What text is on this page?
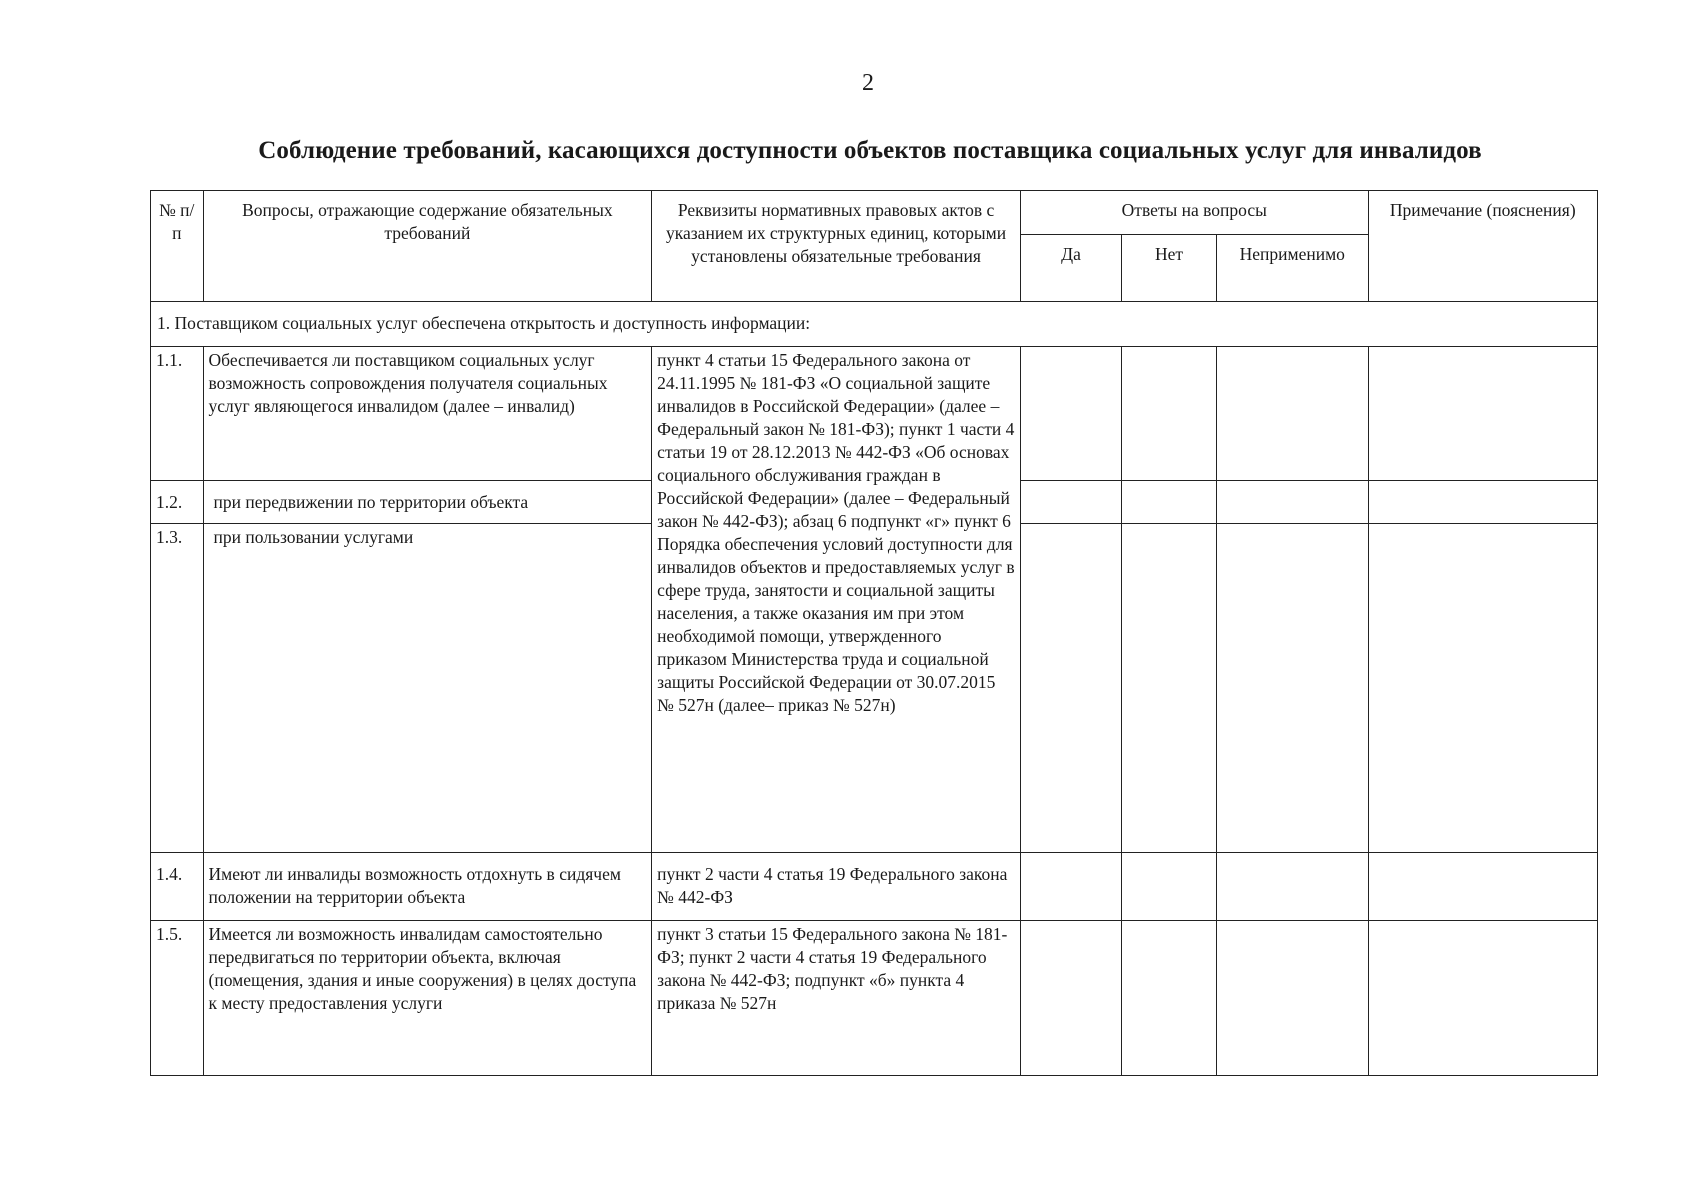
2
Соблюдение требований, касающихся доступности объектов поставщика социальных услуг для инвалидов
№ п/п	Вопросы, отражающие содержание обязательных требований	Реквизиты нормативных правовых актов с указанием их структурных единиц, которыми установлены обязательные требования	Ответы на вопросы			Примечание (пояснения)
			Да	Нет	Неприменимо	
1. Поставщиком социальных услуг обеспечена открытость и доступность информации:						
1.1.	Обеспечивается ли поставщиком социальных услуг возможность сопровождения получателя социальных услуг являющегося инвалидом (далее – инвалид)	пункт 4 статьи 15 Федерального закона от 24.11.1995 № 181-ФЗ «О социальной защите инвалидов в Российской Федерации» (далее – Федеральный закон № 181-ФЗ); пункт 1 части 4 статьи 19 от 28.12.2013 № 442-ФЗ «Об основах социального обслуживания граждан в Российской Федерации» (далее – Федеральный закон № 442-ФЗ); абзац 6 подпункт «г» пункт 6 Порядка обеспечения условий доступности для инвалидов объектов и предоставляемых услуг в сфере труда, занятости и социальной защиты населения, а также оказания им при этом необходимой помощи, утвержденного приказом Министерства труда и социальной защиты Российской Федерации от 30.07.2015 № 527н (далее– приказ № 527н)				
1.2.	при передвижении по территории объекта					
1.3.	при пользовании услугами					
1.4.	Имеют ли инвалиды возможность отдохнуть в сидячем положении на территории объекта	пункт 2 части 4 статья 19 Федерального закона № 442-ФЗ				
1.5.	Имеется ли возможность инвалидам самостоятельно передвигаться по территории объекта, включая (помещения, здания и иные сооружения) в целях доступа к месту предоставления услуги	пункт 3 статьи 15 Федерального закона № 181-ФЗ; пункт 2 части 4 статья 19 Федерального закона № 442-ФЗ; подпункт «б» пункта 4 приказа № 527н				
